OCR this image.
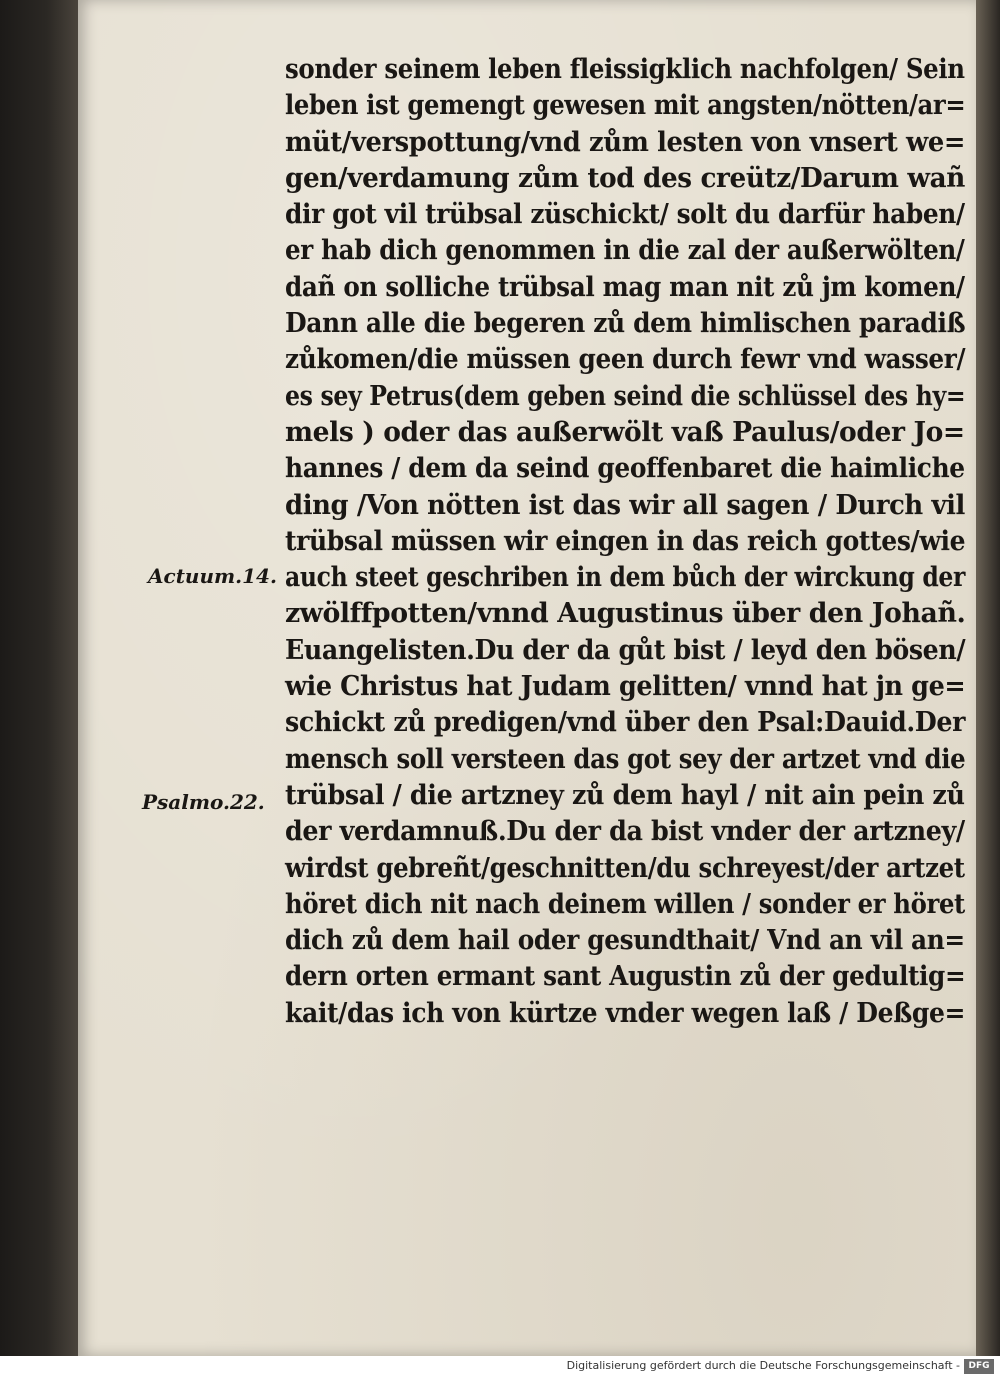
sonder seinem leben fleissigklich nachfolgen/ Sein
leben ist gemengt gewesen mit angsten/nötten/ar=
müt/verspottung/vnd zům lesten von vnsert we=
gen/verdamung zům tod des creütz/Darum wañ
dir got vil trübsal züschickt/ solt du darfür haben/
er hab dich genommen in die zal der außerwölten/
dañ on solliche trübsal mag man nit zů jm komen/
Dann alle die begeren zů dem himlischen paradiß
zůkomen/die müssen geen durch fewr vnd wasser/
es sey Petrus(dem geben seind die schlüssel des hy=
mels ) oder das außerwölt vaß Paulus/oder Jo=
hannes / dem da seind geoffenbaret die haimliche
ding /Von nötten ist das wir all sagen / Durch vil
trübsal müssen wir eingen in das reich gottes/wie
auch steet geschriben in dem bůch der wirckung der
zwölffpotten/vnnd Augustinus über den Johañ.
Euangelisten.Du der da gůt bist / leyd den bösen/
wie Christus hat Judam gelitten/ vnnd hat jn ge=
schickt zů predigen/vnd über den Psal:Dauid.Der
mensch soll versteen das got sey der artzet vnd die
trübsal / die artzney zů dem hayl / nit ain pein zů
der verdamnuß.Du der da bist vnder der artzney/
wirdst gebreñt/geschnitten/du schreyest/der artzet
höret dich nit nach deinem willen / sonder er höret
dich zů dem hail oder gesundthait/ Vnd an vil an=
dern orten ermant sant Augustin zů der gedultig=
kait/das ich von kürtze vnder wegen laß / Deßge=
Actuum.14.
Psalmo.22.
Digitalisierung gefördert durch die Deutsche Forschungsgemeinschaft - DFG
